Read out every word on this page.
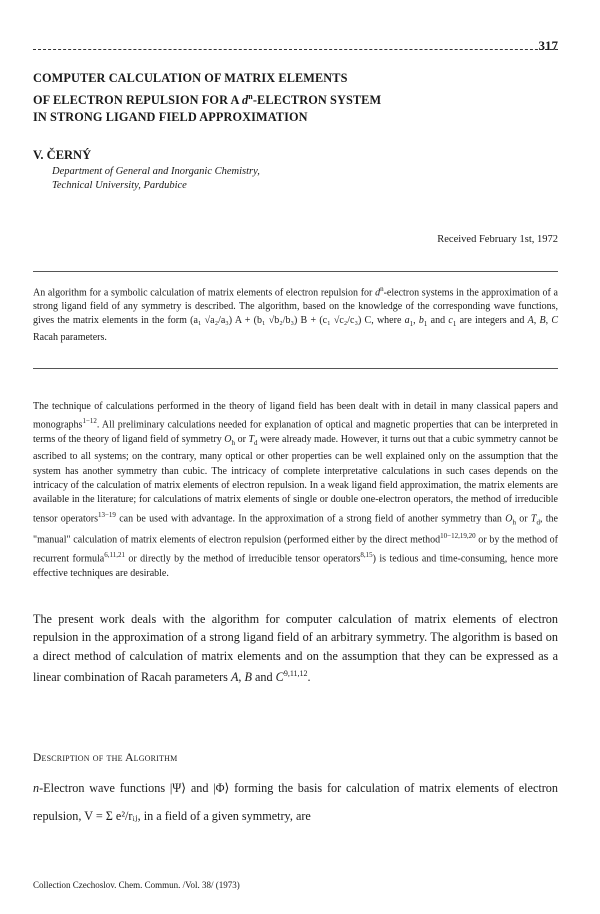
317
COMPUTER CALCULATION OF MATRIX ELEMENTS
OF ELECTRON REPULSION FOR A $d^n$-ELECTRON SYSTEM
IN STRONG LIGAND FIELD APPROXIMATION
V. ČERNÝ
Department of General and Inorganic Chemistry,
Technical University, Pardubice
Received February 1st, 1972
An algorithm for a symbolic calculation of matrix elements of electron repulsion for $d^n$-electron systems in the approximation of a strong ligand field of any symmetry is described. The algorithm, based on the knowledge of the corresponding wave functions, gives the matrix elements in the form (a₁ √a₂/a₃) A + (b₁ √b₂/b₃) B + (c₁ √c₂/c₃) C, where $a_1$, $b_1$ and $c_1$ are integers and A, B, C Racah parameters.
The technique of calculations performed in the theory of ligand field has been dealt with in detail in many classical papers and monographs$^{1-12}$. All preliminary calculations needed for explanation of optical and magnetic properties that can be interpreted in terms of the theory of ligand field of symmetry $O_h$ or $T_d$ were already made. However, it turns out that a cubic symmetry cannot be ascribed to all systems; on the contrary, many optical or other properties can be well explained only on the assumption that the system has another symmetry than cubic. The intricacy of complete interpretative calculations in such cases depends on the intricacy of the calculation of matrix elements of electron repulsion. In a weak ligand field approximation, the matrix elements are available in the literature; for calculations of matrix elements of single or double one-electron operators, the method of irreducible tensor operators$^{13-19}$ can be used with advantage. In the approximation of a strong field of another symmetry than $O_h$ or $T_d$, the "manual" calculation of matrix elements of electron repulsion (performed either by the direct method$^{10-12,19,20}$ or by the method of recurrent formula$^{6,11,21}$ or directly by the method of irreducible tensor operators$^{8,15}$) is tedious and time-consuming, hence more effective techniques are desirable.
The present work deals with the algorithm for computer calculation of matrix elements of electron repulsion in the approximation of a strong ligand field of an arbitrary symmetry. The algorithm is based on a direct method of calculation of matrix elements and on the assumption that they can be expressed as a linear combination of Racah parameters A, B and C$^{9,11,12}$.
Description of the Algorithm
n-Electron wave functions |Ψ⟩ and |Φ⟩ forming the basis for calculation of matrix elements of electron repulsion, V = Σ e²/rᵢⱼ, in a field of a given symmetry, are
Collection Czechoslov. Chem. Commun. /Vol. 38/ (1973)
